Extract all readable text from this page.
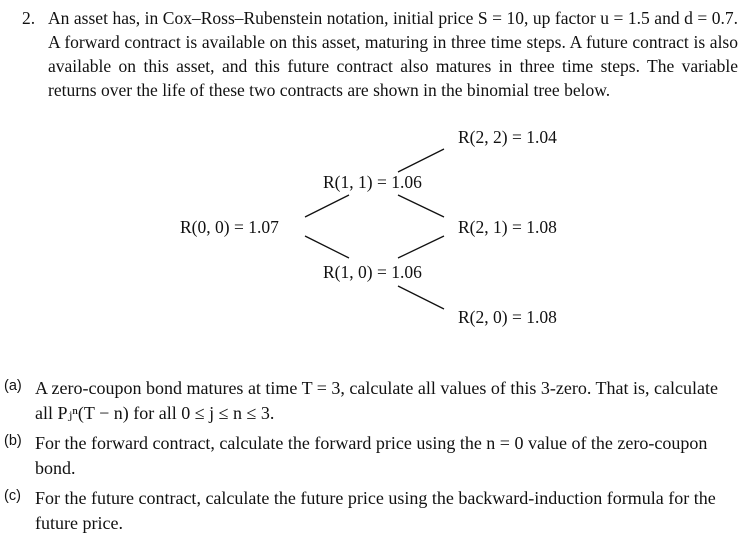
2. An asset has, in Cox–Ross–Rubenstein notation, initial price S = 10, up factor u = 1.5 and d = 0.7. A forward contract is available on this asset, maturing in three time steps. A future contract is also available on this asset, and this future contract also matures in three time steps. The variable returns over the life of these two contracts are shown in the binomial tree below.
R(0, 0) = 1.07
R(1, 1) = 1.06
R(1, 0) = 1.06
R(2, 2) = 1.04
R(2, 1) = 1.08
R(2, 0) = 1.08
(a) A zero-coupon bond matures at time T = 3, calculate all values of this 3-zero. That is, calculate all Pⱼⁿ(T − n) for all 0 ≤ j ≤ n ≤ 3.
(b) For the forward contract, calculate the forward price using the n = 0 value of the zero-coupon bond.
(c) For the future contract, calculate the future price using the backward-induction formula for the future price.
